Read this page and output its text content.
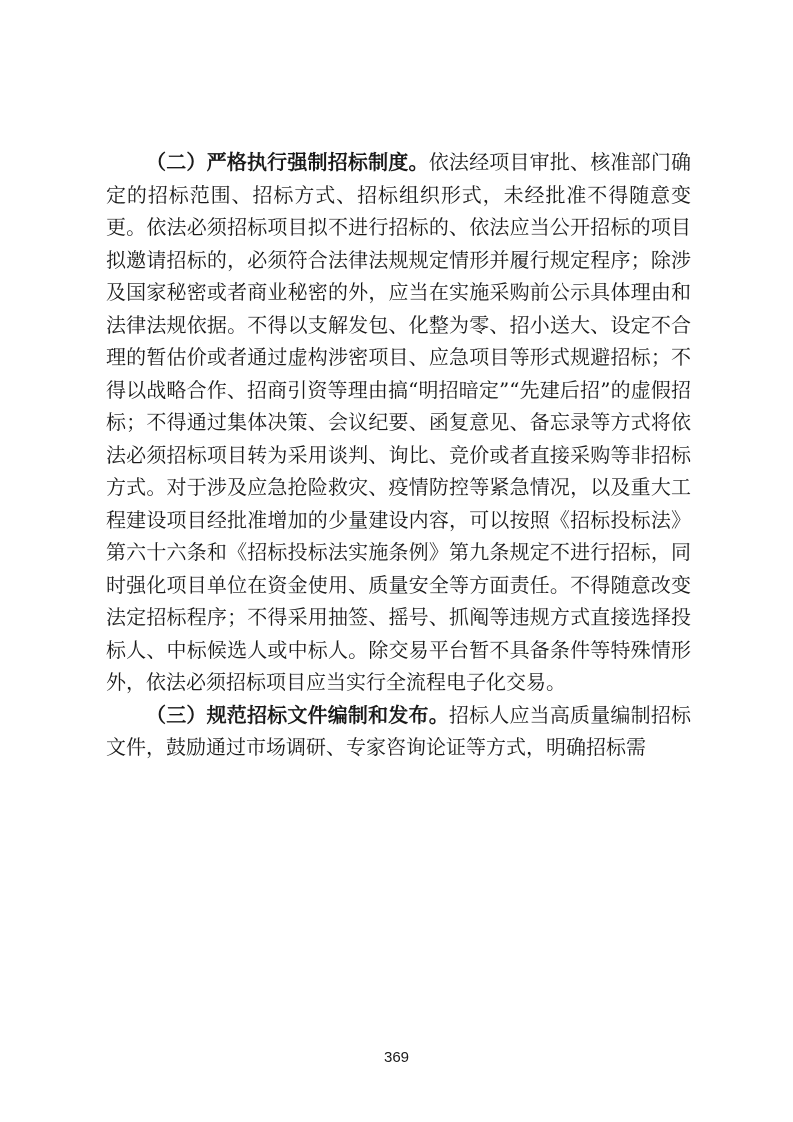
（二）严格执行强制招标制度。依法经项目审批、核准部门确定的招标范围、招标方式、招标组织形式，未经批准不得随意变更。依法必须招标项目拟不进行招标的、依法应当公开招标的项目拟邀请招标的，必须符合法律法规规定情形并履行规定程序；除涉及国家秘密或者商业秘密的外，应当在实施采购前公示具体理由和法律法规依据。不得以支解发包、化整为零、招小送大、设定不合理的暂估价或者通过虚构涉密项目、应急项目等形式规避招标；不得以战略合作、招商引资等理由搞“明招暗定”“先建后招”的虚假招标；不得通过集体决策、会议纪要、函复意见、备忘录等方式将依法必须招标项目转为采用谈判、询比、竞价或者直接采购等非招标方式。对于涉及应急抢险救灾、疫情防控等紧急情况，以及重大工程建设项目经批准增加的少量建设内容，可以按照《招标投标法》第六十六条和《招标投标法实施条例》第九条规定不进行招标，同时强化项目单位在资金使用、质量安全等方面责任。不得随意改变法定招标程序；不得采用抽签、摇号、抓阄等违规方式直接选择投标人、中标候选人或中标人。除交易平台暂不具备条件等特殊情形外，依法必须招标项目应当实行全流程电子化交易。

（三）规范招标文件编制和发布。招标人应当高质量编制招标文件，鼓励通过市场调研、专家咨询论证等方式，明确招标需

369
